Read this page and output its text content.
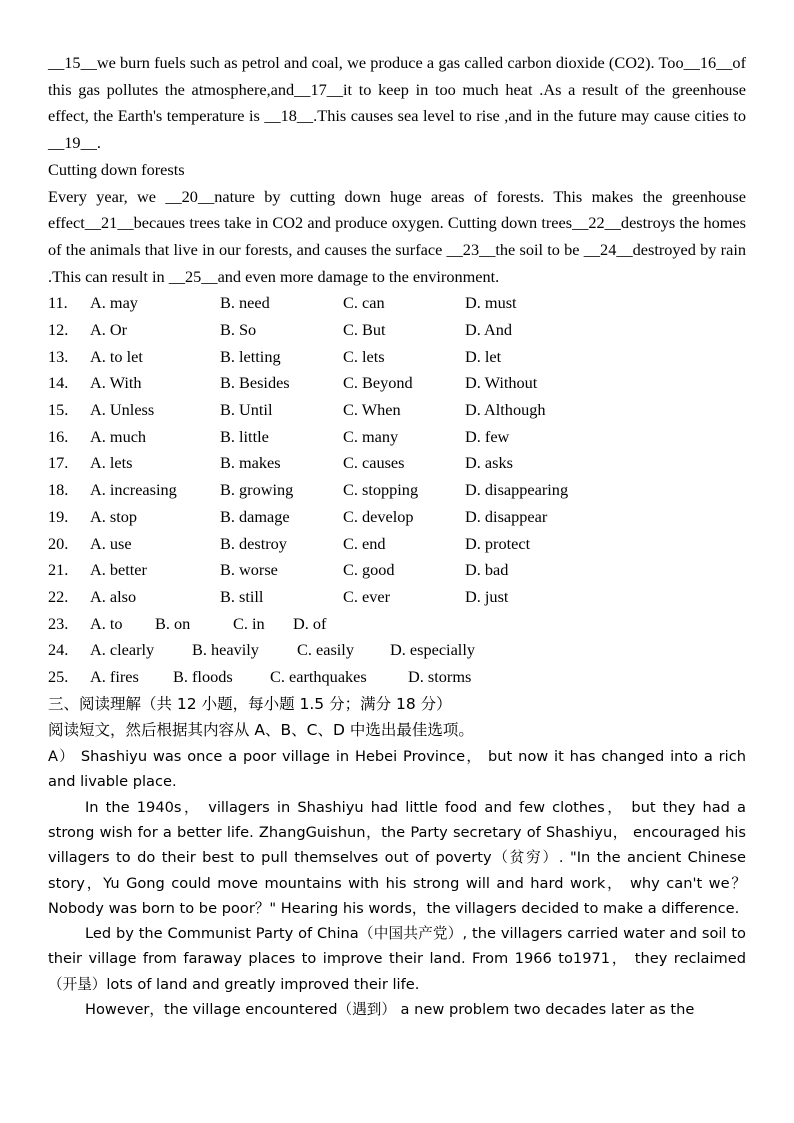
__15__we burn fuels such as petrol and coal, we produce a gas called carbon dioxide (CO2). Too__16__of this gas pollutes the atmosphere,and__17__it to keep in too much heat .As a result of the greenhouse effect, the Earth's temperature is __18__.This causes sea level to rise ,and in the future may cause cities to __19__.

Cutting down forests

Every year, we __20__nature by cutting down huge areas of forests. This makes the greenhouse effect__21__becaues trees take in CO2 and produce oxygen. Cutting down trees__22__destroys the homes of the animals that live in our forests, and causes the surface __23__the soil to be __24__destroyed by rain .This can result in __25__and even more damage to the environment.

11.	A. may	B. need	C. can	D. must
12.	A. Or	B. So	C. But	D. And
13.	A. to let	B. letting	C. lets	D. let
14.	A. With	B. Besides	C. Beyond	D. Without
15.	A. Unless	B. Until	C. When	D. Although
16.	A. much	B. little	C. many	D. few
17.	A. lets	B. makes	C. causes	D. asks
18.	A. increasing	B. growing	C. stopping	D. disappearing
19.	A. stop	B. damage	C. develop	D. disappear
20.	A. use	B. destroy	C. end	D. protect
21.	A. better	B. worse	C. good	D. bad
22.	A. also	B. still	C. ever	D. just
23.	A. to	B. on	C. in	D. of
24.	A. clearly	B. heavily	C. easily	D. especially
25.	A. fires	B. floods	C. earthquakes	D. storms

三、阅读理解（共 12 小题，每小题 1.5 分；满分 18 分）

阅读短文，然后根据其内容从 A、B、C、D 中选出最佳选项。

A） Shashiyu was once a poor village in Hebei Province， but now it has changed into a rich and livable place.

In the 1940s， villagers in Shashiyu had little food and few clothes， but they had a strong wish for a better life. ZhangGuishun，the Party secretary of Shashiyu， encouraged his villagers to do their best to pull themselves out of poverty（贫穷）. "In the ancient Chinese story，Yu Gong could move mountains with his strong will and hard work， why can't we？Nobody was born to be poor？" Hearing his words，the villagers decided to make a difference.

Led by the Communist Party of China（中国共产党）, the villagers carried water and soil to their village from faraway places to improve their land. From 1966 to1971， they reclaimed（开垦）lots of land and greatly improved their life.

However，the village encountered（遇到） a new problem two decades later as the
